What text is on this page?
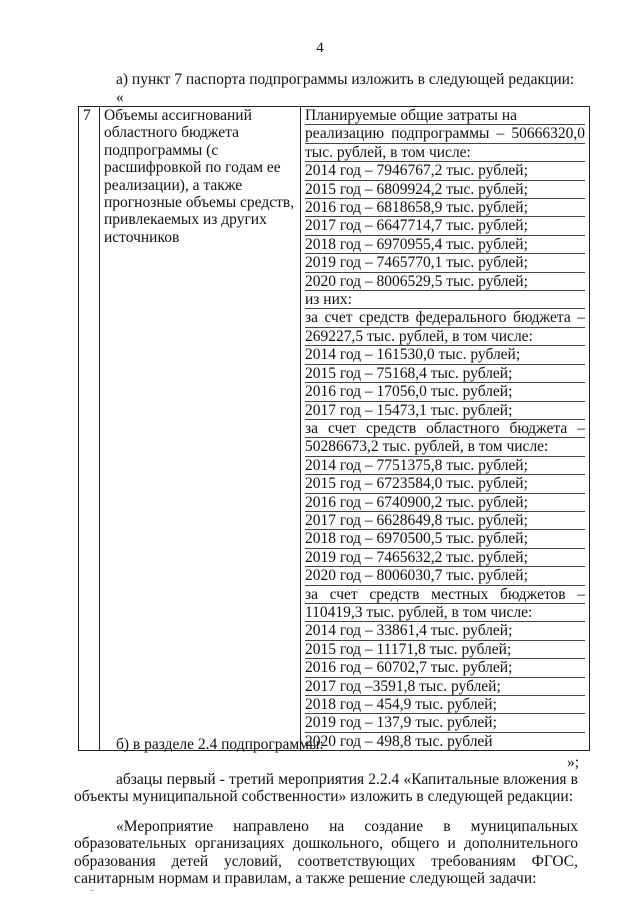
4
а) пункт 7 паспорта подпрограммы изложить в следующей редакции:
«
7	Объемы ассигнований
областного бюджета
подпрограммы (с
расшифровкой по годам ее
реализации), а также
прогнозные объемы средств,
привлекаемых из других
источников

Планируемые общие затраты на
реализацию подпрограммы – 50666320,0
тыс. рублей, в том числе:
2014 год – 7946767,2 тыс. рублей;
2015 год – 6809924,2 тыс. рублей;
2016 год – 6818658,9 тыс. рублей;
2017 год – 6647714,7 тыс. рублей;
2018 год – 6970955,4 тыс. рублей;
2019 год – 7465770,1 тыс. рублей;
2020 год – 8006529,5 тыс. рублей;
из них:
за счет средств федерального бюджета –
269227,5 тыс. рублей, в том числе:
2014 год – 161530,0 тыс. рублей;
2015 год – 75168,4 тыс. рублей;
2016 год – 17056,0 тыс. рублей;
2017 год – 15473,1 тыс. рублей;
за счет средств областного бюджета –
50286673,2 тыс. рублей, в том числе:
2014 год – 7751375,8 тыс. рублей;
2015 год – 6723584,0 тыс. рублей;
2016 год – 6740900,2 тыс. рублей;
2017 год – 6628649,8 тыс. рублей;
2018 год – 6970500,5 тыс. рублей;
2019 год – 7465632,2 тыс. рублей;
2020 год – 8006030,7 тыс. рублей;
за счет средств местных бюджетов –
110419,3 тыс. рублей, в том числе:
2014 год – 33861,4 тыс. рублей;
2015 год – 11171,8 тыс. рублей;
2016 год – 60702,7 тыс. рублей;
2017 год –3591,8 тыс. рублей;
2018 год – 454,9 тыс. рублей;
2019 год – 137,9 тыс. рублей;
2020 год – 498,8 тыс. рублей
»;
б) в разделе 2.4 подпрограммы:
абзацы первый - третий мероприятия 2.2.4 «Капитальные вложения в
объекты муниципальной собственности» изложить в следующей редакции:
«Мероприятие направлено на создание в муниципальных
образовательных организациях дошкольного, общего и дополнительного
образования детей условий, соответствующих требованиям ФГОС,
санитарным нормам и правилам, а также решение следующей задачи:
